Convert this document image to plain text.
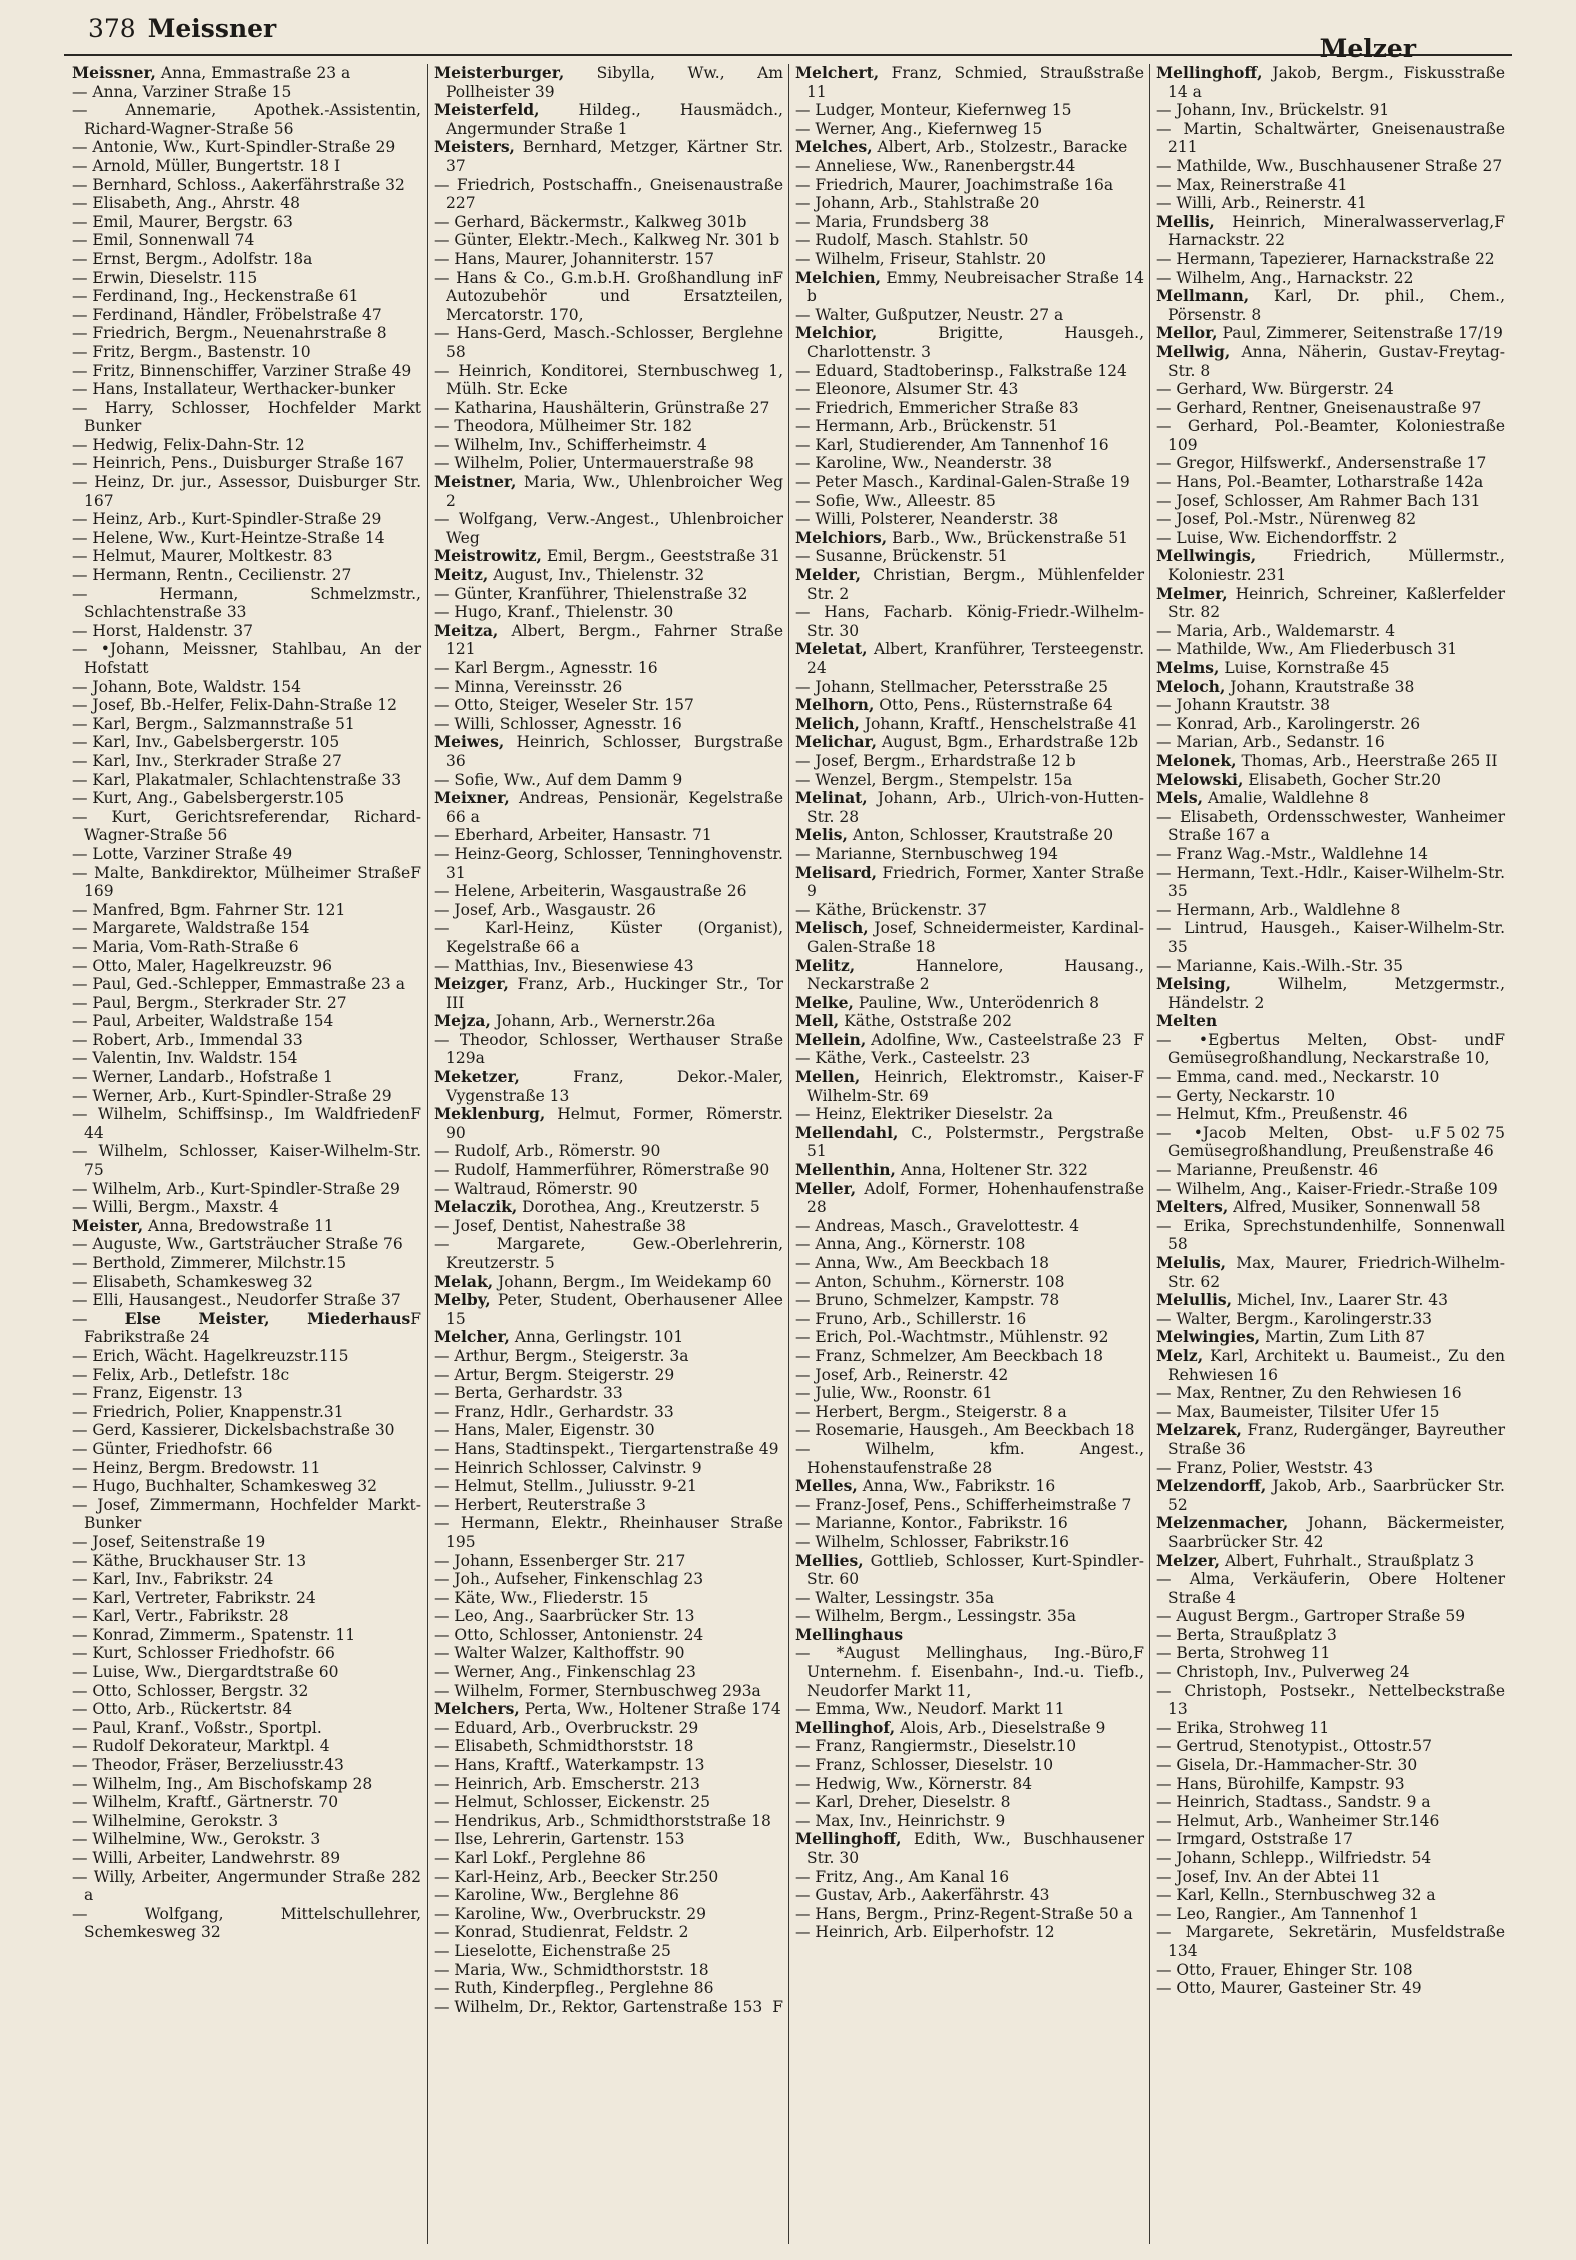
378 Meissner
Melzer
Meissner, Anna, Emmastraße 23 a
— Anna, Varziner Straße 15
— Annemarie, Apothek.-Assistentin, Richard-Wagner-Straße 56
— Antonie, Ww., Kurt-Spindler-Straße 29
— Arnold, Müller, Bungertstr. 18 I
— Bernhard, Schloss., Aakerfährstraße 32
— Elisabeth, Ang., Ahrstr. 48
— Emil, Maurer, Bergstr. 63
— Emil, Sonnenwall 74
— Ernst, Bergm., Adolfstr. 18a
— Erwin, Dieselstr. 115
— Ferdinand, Ing., Heckenstraße 61
— Ferdinand, Händler, Fröbelstraße 47
— Friedrich, Bergm., Neuenahrstraße 8
— Fritz, Bergm., Bastenstr. 10
— Fritz, Binnenschiffer, Varziner Straße 49
— Hans, Installateur, Werthacker-bunker
— Harry, Schlosser, Hochfelder Markt Bunker
— Hedwig, Felix-Dahn-Str. 12
— Heinrich, Pens., Duisburger Straße 167
— Heinz, Dr. jur., Assessor, Duisburger Str. 167
— Heinz, Arb., Kurt-Spindler-Straße 29
— Helene, Ww., Kurt-Heintze-Straße 14
— Helmut, Maurer, Moltkestr. 83
— Hermann, Rentn., Cecilienstr. 27
— Hermann, Schmelzmstr., Schlachtenstraße 33
— Horst, Haldenstr. 37
— •Johann, Meissner, Stahlbau, An der Hofstatt
— Johann, Bote, Waldstr. 154
— Josef, Bb.-Helfer, Felix-Dahn-Straße 12
— Karl, Bergm., Salzmannstraße 51
— Karl, Inv., Gabelsbergerstr. 105
— Karl, Inv., Sterkrader Straße 27
— Karl, Plakatmaler, Schlachtenstraße 33
— Kurt, Ang., Gabelsbergerstr.105
— Kurt, Gerichtsreferendar, Richard-Wagner-Straße 56
— Lotte, Varziner Straße 49
F
— Malte, Bankdirektor, Mülheimer Straße 169
— Manfred, Bgm. Fahrner Str. 121
— Margarete, Waldstraße 154
— Maria, Vom-Rath-Straße 6
— Otto, Maler, Hagelkreuzstr. 96
— Paul, Ged.-Schlepper, Emmastraße 23 a
— Paul, Bergm., Sterkrader Str. 27
— Paul, Arbeiter, Waldstraße 154
— Robert, Arb., Immendal 33
— Valentin, Inv. Waldstr. 154
— Werner, Landarb., Hofstraße 1
— Werner, Arb., Kurt-Spindler-Straße 29
F
— Wilhelm, Schiffsinsp., Im Waldfrieden 44
— Wilhelm, Schlosser, Kaiser-Wilhelm-Str. 75
— Wilhelm, Arb., Kurt-Spindler-Straße 29
— Willi, Bergm., Maxstr. 4
Meister, Anna, Bredowstraße 11
— Auguste, Ww., Gartsträucher Straße 76
— Berthold, Zimmerer, Milchstr.15
— Elisabeth, Schamkesweg 32
— Elli, Hausangest., Neudorfer Straße 37
F
— Else Meister, Miederhaus Fabrikstraße 24
— Erich, Wächt. Hagelkreuzstr.115
— Felix, Arb., Detlefstr. 18c
— Franz, Eigenstr. 13
— Friedrich, Polier, Knappenstr.31
— Gerd, Kassierer, Dickelsbachstraße 30
— Günter, Friedhofstr. 66
— Heinz, Bergm. Bredowstr. 11
— Hugo, Buchhalter, Schamkesweg 32
— Josef, Zimmermann, Hochfelder Markt-Bunker
— Josef, Seitenstraße 19
— Käthe, Bruckhauser Str. 13
— Karl, Inv., Fabrikstr. 24
— Karl, Vertreter, Fabrikstr. 24
— Karl, Vertr., Fabrikstr. 28
— Konrad, Zimmerm., Spatenstr. 11
— Kurt, Schlosser Friedhofstr. 66
— Luise, Ww., Diergardtstraße 60
— Otto, Schlosser, Bergstr. 32
— Otto, Arb., Rückertstr. 84
— Paul, Kranf., Voßstr., Sportpl.
— Rudolf Dekorateur, Marktpl. 4
— Theodor, Fräser, Berzeliusstr.43
— Wilhelm, Ing., Am Bischofskamp 28
— Wilhelm, Kraftf., Gärtnerstr. 70
— Wilhelmine, Gerokstr. 3
— Wilhelmine, Ww., Gerokstr. 3
— Willi, Arbeiter, Landwehrstr. 89
— Willy, Arbeiter, Angermunder Straße 282 a
— Wolfgang, Mittelschullehrer, Schemkesweg 32
Meisterburger, Sibylla, Ww., Am Pollheister 39
Meisterfeld,	Hildeg., Hausmädch., Angermunder Straße 1
Meisters, Bernhard, Metzger, Kärtner Str. 37
— Friedrich, Postschaffn., Gneisenaustraße 227
— Gerhard, Bäckermstr., Kalkweg 301b
— Günter, Elektr.-Mech., Kalkweg Nr. 301 b
— Hans, Maurer, Johanniterstr. 157
F
— Hans & Co., G.m.b.H. Großhandlung in Autozubehör und Ersatzteilen, Mercatorstr. 170,
— Hans-Gerd, Masch.-Schlosser, Berglehne 58
— Heinrich, Konditorei, Sternbuschweg 1, Mülh. Str. Ecke
— Katharina, Haushälterin, Grünstraße 27
— Theodora, Mülheimer Str. 182
— Wilhelm, Inv., Schifferheimstr. 4
— Wilhelm, Polier, Untermauerstraße 98
Meistner, Maria, Ww., Uhlenbroicher Weg 2
— Wolfgang, Verw.-Angest., Uhlenbroicher Weg
Meistrowitz, Emil, Bergm., Geeststraße 31
Meitz, August, Inv., Thielenstr. 32
— Günter, Kranführer, Thielenstraße 32
— Hugo, Kranf., Thielenstr. 30
Meitza, Albert, Bergm., Fahrner Straße 121
— Karl Bergm., Agnesstr. 16
— Minna, Vereinsstr. 26
— Otto, Steiger, Weseler Str. 157
— Willi, Schlosser, Agnesstr. 16
Meiwes, Heinrich, Schlosser, Burgstraße 36
— Sofie, Ww., Auf dem Damm 9
Meixner, Andreas, Pensionär, Kegelstraße 66 a
— Eberhard, Arbeiter, Hansastr. 71
— Heinz-Georg, Schlosser, Tenninghovenstr. 31
— Helene, Arbeiterin, Wasgaustraße 26
— Josef, Arb., Wasgaustr. 26
— Karl-Heinz, Küster (Organist), Kegelstraße 66 a
— Matthias, Inv., Biesenwiese 43
Meizger, Franz, Arb., Huckinger Str., Tor III
Mejza, Johann, Arb., Wernerstr.26a
— Theodor, Schlosser, Werthauser Straße 129a
Meketzer,	Franz, Dekor.-Maler, Vygenstraße 13
Meklenburg, Helmut, Former, Römerstr. 90
— Rudolf, Arb., Römerstr. 90
— Rudolf, Hammerführer, Römerstraße 90
— Waltraud, Römerstr. 90
Melaczik, Dorothea, Ang., Kreutzerstr. 5
— Josef, Dentist, Nahestraße 38
— Margarete, Gew.-Oberlehrerin, Kreutzerstr. 5
Melak, Johann, Bergm., Im Weidekamp 60
Melby, Peter, Student, Oberhausener Allee 15
Melcher, Anna, Gerlingstr. 101
— Arthur, Bergm., Steigerstr. 3a
— Artur, Bergm. Steigerstr. 29
— Berta, Gerhardstr. 33
— Franz, Hdlr., Gerhardstr. 33
— Hans, Maler, Eigenstr. 30
— Hans, Stadtinspekt., Tiergartenstraße 49
— Heinrich Schlosser, Calvinstr. 9
— Helmut, Stellm., Juliusstr. 9-21
— Herbert, Reuterstraße 3
— Hermann, Elektr., Rheinhauser Straße 195
— Johann, Essenberger Str. 217
— Joh., Aufseher, Finkenschlag 23
— Käte, Ww., Fliederstr. 15
— Leo, Ang., Saarbrücker Str. 13
— Otto, Schlosser, Antonienstr. 24
— Walter Walzer, Kalthoffstr. 90
— Werner, Ang., Finkenschlag 23
— Wilhelm, Former, Sternbuschweg 293a
Melchers, Perta, Ww., Holtener Straße 174
— Eduard, Arb., Overbruckstr. 29
— Elisabeth, Schmidthorststr. 18
— Hans, Kraftf., Waterkampstr. 13
— Heinrich, Arb. Emscherstr. 213
— Helmut, Schlosser, Eickenstr. 25
— Hendrikus, Arb., Schmidthorststraße 18
— Ilse, Lehrerin, Gartenstr. 153
— Karl Lokf., Perglehne 86
— Karl-Heinz, Arb., Beecker Str.250
— Karoline, Ww., Berglehne 86
— Karoline, Ww., Overbruckstr. 29
— Konrad, Studienrat, Feldstr. 2
— Lieselotte, Eichenstraße 25
— Maria, Ww., Schmidthorststr. 18
— Ruth, Kinderpfleg., Perglehne 86
F
— Wilhelm, Dr., Rektor, Gartenstraße 153
Melchert, Franz, Schmied, Straußstraße 11
— Ludger, Monteur, Kiefernweg 15
— Werner, Ang., Kiefernweg 15
Melches, Albert, Arb., Stolzestr., Baracke
— Anneliese, Ww., Ranenbergstr.44
— Friedrich, Maurer, Joachimstraße 16a
— Johann, Arb., Stahlstraße 20
— Maria, Frundsberg 38
— Rudolf, Masch. Stahlstr. 50
— Wilhelm, Friseur, Stahlstr. 20
Melchien, Emmy, Neubreisacher Straße 14 b
— Walter, Gußputzer, Neustr. 27 a
Melchior,	Brigitte, Hausgeh., Charlottenstr. 3
— Eduard, Stadtoberinsp., Falkstraße 124
— Eleonore, Alsumer Str. 43
— Friedrich, Emmericher Straße 83
— Hermann, Arb., Brückenstr. 51
— Karl, Studierender, Am Tannenhof 16
— Karoline, Ww., Neanderstr. 38
— Peter Masch., Kardinal-Galen-Straße 19
— Sofie, Ww., Alleestr. 85
— Willi, Polsterer, Neanderstr. 38
Melchiors, Barb., Ww., Brückenstraße 51
— Susanne, Brückenstr. 51
Melder, Christian, Bergm., Mühlenfelder Str. 2
— Hans, Facharb. König-Friedr.-Wilhelm-Str. 30
Meletat, Albert, Kranführer, Tersteegenstr. 24
— Johann, Stellmacher, Petersstraße 25
Melhorn, Otto, Pens., Rüsternstraße 64
Melich, Johann, Kraftf., Henschelstraße 41
Melichar, August, Bgm., Erhardstraße 12b
— Josef, Bergm., Erhardstraße 12 b
— Wenzel, Bergm., Stempelstr. 15a
Melinat, Johann, Arb., Ulrich-von-Hutten-Str. 28
Melis, Anton, Schlosser, Krautstraße 20
— Marianne, Sternbuschweg 194
Melisard, Friedrich, Former, Xanter Straße 9
— Käthe, Brückenstr. 37
Melisch, Josef, Schneidermeister, Kardinal-Galen-Straße 18
Melitz,	Hannelore, Hausang., Neckarstraße 2
Melke, Pauline, Ww., Unterödenrich 8
Mell, Käthe, Oststraße 202
F
Mellein, Adolfine, Ww., Casteelstraße 23
— Käthe, Verk., Casteelstr. 23
F
Mellen, Heinrich, Elektromstr., Kaiser-Wilhelm-Str. 69
— Heinz, Elektriker Dieselstr. 2a
Mellendahl, C., Polstermstr., Pergstraße 51
Mellenthin, Anna, Holtener Str. 322
Meller, Adolf, Former, Hohenhaufenstraße 28
— Andreas, Masch., Gravelottestr. 4
— Anna, Ang., Körnerstr. 108
— Anna, Ww., Am Beeckbach 18
— Anton, Schuhm., Körnerstr. 108
— Bruno, Schmelzer, Kampstr. 78
— Fruno, Arb., Schillerstr. 16
— Erich, Pol.-Wachtmstr., Mühlenstr. 92
— Franz, Schmelzer, Am Beeckbach 18
— Josef, Arb., Reinerstr. 42
— Julie, Ww., Roonstr. 61
— Herbert, Bergm., Steigerstr. 8 a
— Rosemarie, Hausgeh., Am Beeckbach 18
— Wilhelm, kfm. Angest., Hohenstaufenstraße 28
Melles, Anna, Ww., Fabrikstr. 16
— Franz-Josef, Pens., Schifferheimstraße 7
— Marianne, Kontor., Fabrikstr. 16
— Wilhelm, Schlosser, Fabrikstr.16
Mellies, Gottlieb, Schlosser, Kurt-Spindler-Str. 60
— Walter, Lessingstr. 35a
— Wilhelm, Bergm., Lessingstr. 35a
Mellinghaus
F
— *August Mellinghaus, Ing.-Büro, Unternehm. f. Eisenbahn-, Ind.-u. Tiefb., Neudorfer Markt 11,
— Emma, Ww., Neudorf. Markt 11
Mellinghof, Alois, Arb., Dieselstraße 9
— Franz, Rangiermstr., Dieselstr.10
— Franz, Schlosser, Dieselstr. 10
— Hedwig, Ww., Körnerstr. 84
— Karl, Dreher, Dieselstr. 8
— Max, Inv., Heinrichstr. 9
Mellinghoff, Edith, Ww., Buschhausener Str. 30
— Fritz, Ang., Am Kanal 16
— Gustav, Arb., Aakerfährstr. 43
— Hans, Bergm., Prinz-Regent-Straße 50 a
— Heinrich, Arb. Eilperhofstr. 12
Mellinghoff, Jakob, Bergm., Fiskusstraße 14 a
— Johann, Inv., Brückelstr. 91
— Martin, Schaltwärter, Gneisenaustraße 211
— Mathilde, Ww., Buschhausener Straße 27
— Max, Reinerstraße 41
— Willi, Arb., Reinerstr. 41
F
Mellis, Heinrich, Mineralwasserverlag, Harnackstr. 22
— Hermann, Tapezierer, Harnackstraße 22
— Wilhelm, Ang., Harnackstr. 22
Mellmann, Karl, Dr. phil., Chem., Pörsenstr. 8
Mellor, Paul, Zimmerer, Seitenstraße 17/19
Mellwig, Anna, Näherin, Gustav-Freytag-Str. 8
— Gerhard, Ww. Bürgerstr. 24
— Gerhard, Rentner, Gneisenaustraße 97
— Gerhard, Pol.-Beamter, Koloniestraße 109
— Gregor, Hilfswerkf., Andersenstraße 17
— Hans, Pol.-Beamter, Lotharstraße 142a
— Josef, Schlosser, Am Rahmer Bach 131
— Josef, Pol.-Mstr., Nürenweg 82
— Luise, Ww. Eichendorffstr. 2
Mellwingis, Friedrich, Müllermstr., Koloniestr. 231
Melmer, Heinrich, Schreiner, Kaßlerfelder Str. 82
— Maria, Arb., Waldemarstr. 4
— Mathilde, Ww., Am Fliederbusch 31
Melms, Luise, Kornstraße 45
Meloch, Johann, Krautstraße 38
— Johann Krautstr. 38
— Konrad, Arb., Karolingerstr. 26
— Marian, Arb., Sedanstr. 16
Melonek, Thomas, Arb., Heerstraße 265 II
Melowski, Elisabeth, Gocher Str.20
Mels, Amalie, Waldlehne 8
— Elisabeth, Ordensschwester, Wanheimer Straße 167 a
— Franz Wag.-Mstr., Waldlehne 14
— Hermann, Text.-Hdlr., Kaiser-Wilhelm-Str. 35
— Hermann, Arb., Waldlehne 8
— Lintrud, Hausgeh., Kaiser-Wilhelm-Str. 35
— Marianne, Kais.-Wilh.-Str. 35
Melsing,	Wilhelm, Metzgermstr., Händelstr. 2
Melten
F
— •Egbertus Melten, Obst- und Gemüsegroßhandlung, Neckarstraße 10,
— Emma, cand. med., Neckarstr. 10
— Gerty, Neckarstr. 10
— Helmut, Kfm., Preußenstr. 46
F 5 02 75
— •Jacob Melten, Obst- u. Gemüsegroßhandlung, Preußenstraße 46
— Marianne, Preußenstr. 46
— Wilhelm, Ang., Kaiser-Friedr.-Straße 109
Melters, Alfred, Musiker, Sonnenwall 58
— Erika, Sprechstundenhilfe, Sonnenwall 58
Melulis, Max, Maurer, Friedrich-Wilhelm-Str. 62
Melullis, Michel, Inv., Laarer Str. 43
— Walter, Bergm., Karolingerstr.33
Melwingies, Martin, Zum Lith 87
Melz, Karl, Architekt u. Baumeist., Zu den Rehwiesen 16
— Max, Rentner, Zu den Rehwiesen 16
— Max, Baumeister, Tilsiter Ufer 15
Melzarek, Franz, Rudergänger, Bayreuther Straße 36
— Franz, Polier, Weststr. 43
Melzendorff, Jakob, Arb., Saarbrücker Str. 52
Melzenmacher, Johann, Bäckermeister, Saarbrücker Str. 42
Melzer, Albert, Fuhrhalt., Straußplatz 3
— Alma, Verkäuferin, Obere Holtener Straße 4
— August Bergm., Gartroper Straße 59
— Berta, Straußplatz 3
— Berta, Strohweg 11
— Christoph, Inv., Pulverweg 24
— Christoph, Postsekr., Nettelbeckstraße 13
— Erika, Strohweg 11
— Gertrud, Stenotypist., Ottostr.57
— Gisela, Dr.-Hammacher-Str. 30
— Hans, Bürohilfe, Kampstr. 93
— Heinrich, Stadtass., Sandstr. 9 a
— Helmut, Arb., Wanheimer Str.146
— Irmgard, Oststraße 17
— Johann, Schlepp., Wilfriedstr. 54
— Josef, Inv. An der Abtei 11
— Karl, Kelln., Sternbuschweg 32 a
— Leo, Rangier., Am Tannenhof 1
— Margarete, Sekretärin, Musfeldstraße 134
— Otto, Frauer, Ehinger Str. 108
— Otto, Maurer, Gasteiner Str. 49
